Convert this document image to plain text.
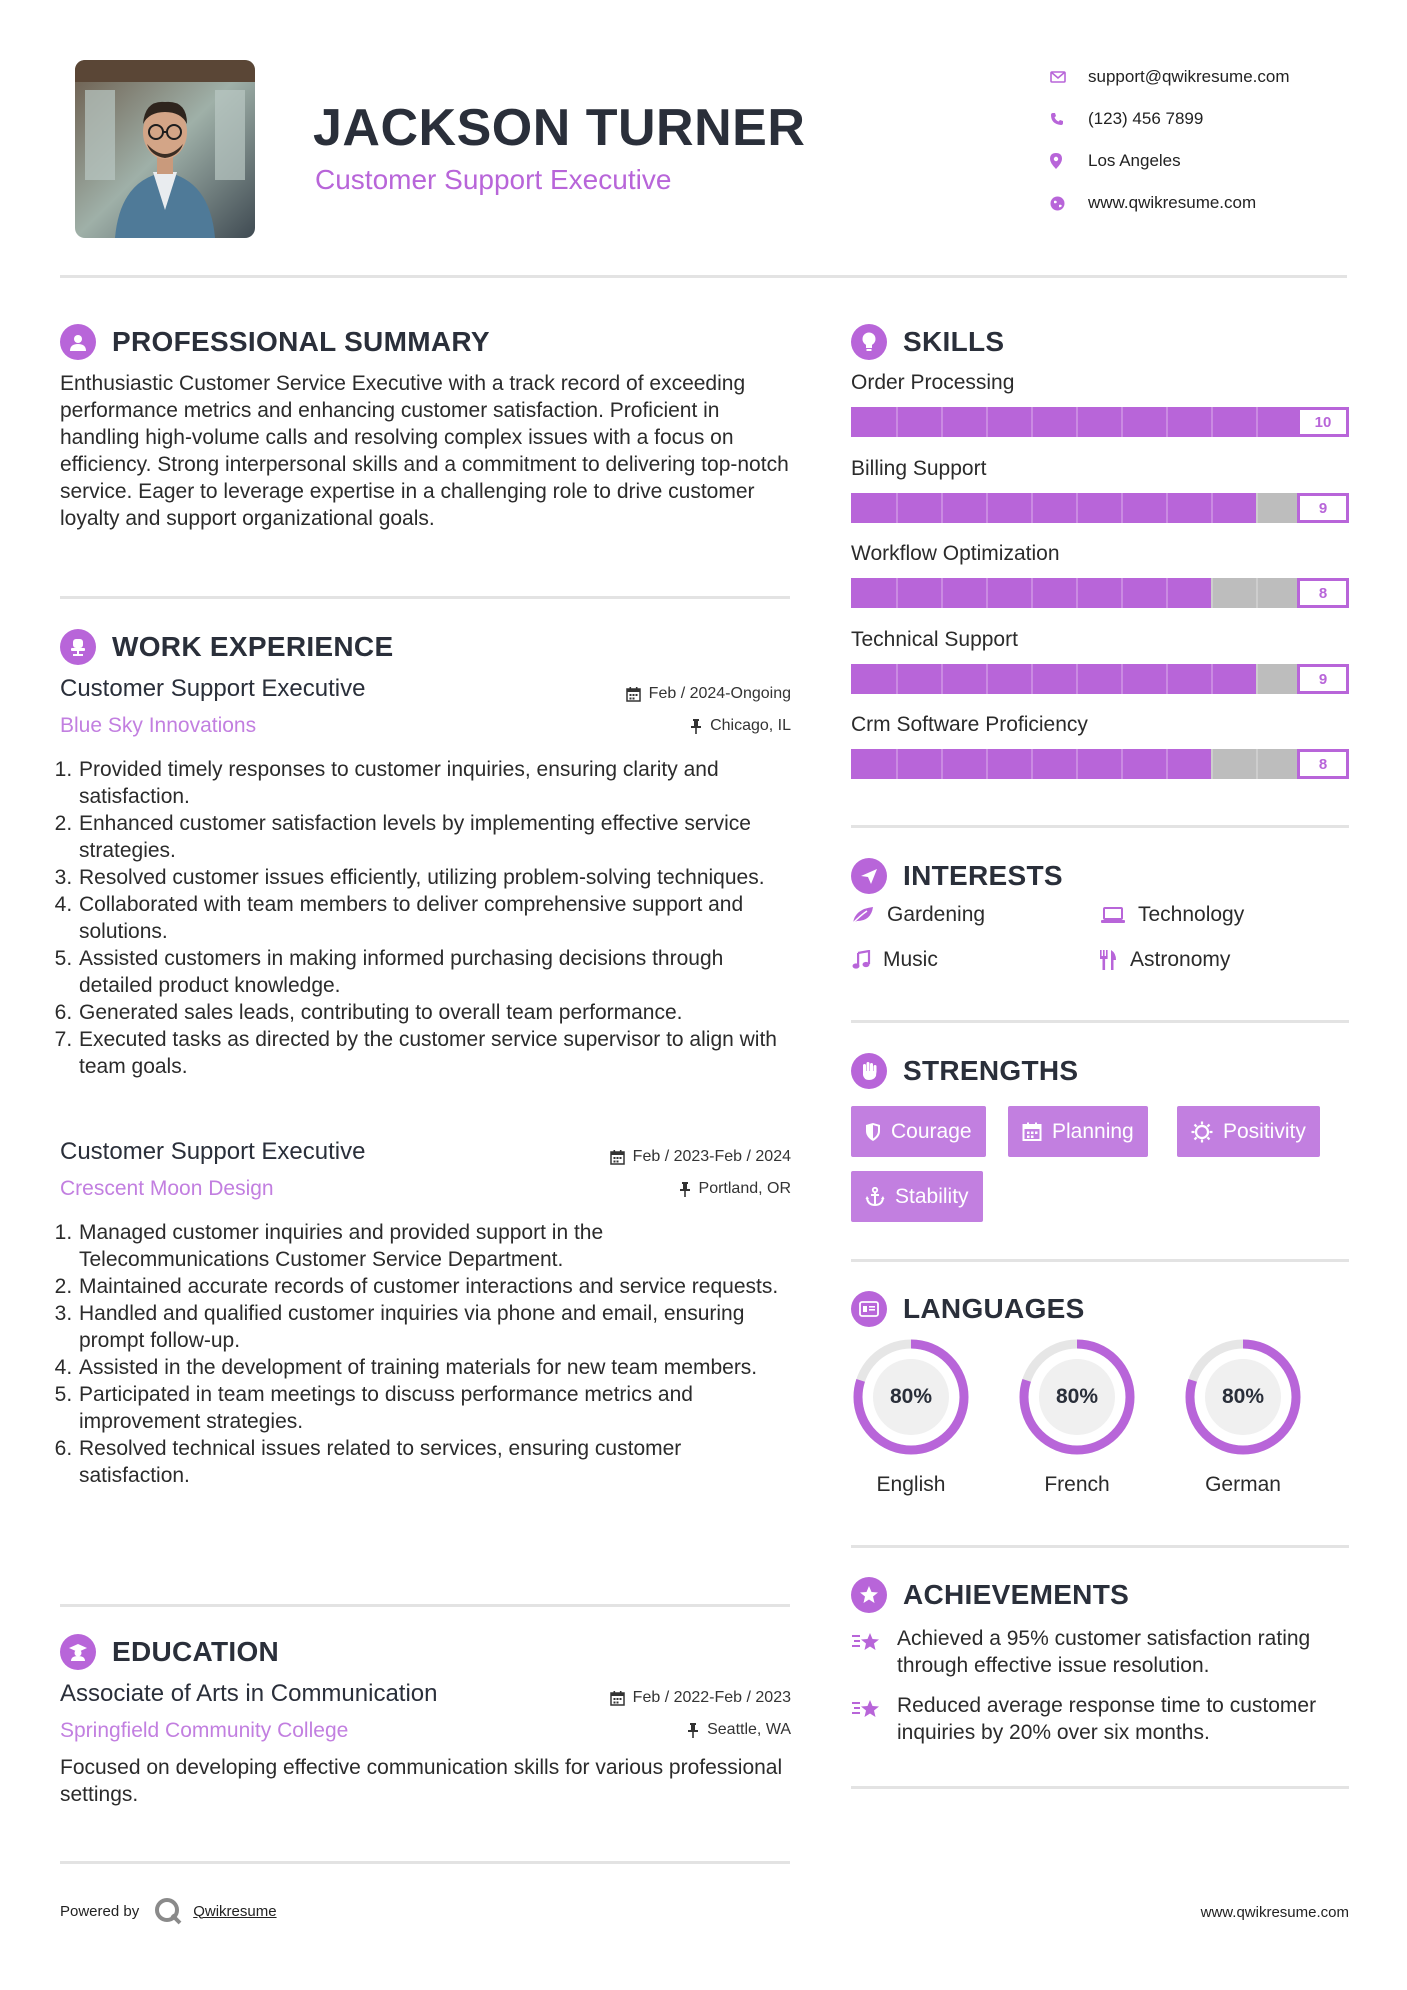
JACKSON TURNER
Customer Support Executive
support@qwikresume.com
(123) 456 7899
Los Angeles
www.qwikresume.com
PROFESSIONAL SUMMARY
Enthusiastic Customer Service Executive with a track record of exceeding performance metrics and enhancing customer satisfaction. Proficient in handling high-volume calls and resolving complex issues with a focus on efficiency. Strong interpersonal skills and a commitment to delivering top-notch service. Eager to leverage expertise in a challenging role to drive customer loyalty and support organizational goals.
WORK EXPERIENCE
Customer Support Executive	Feb / 2024-Ongoing
Blue Sky Innovations	Chicago, IL
1. Provided timely responses to customer inquiries, ensuring clarity and satisfaction.
2. Enhanced customer satisfaction levels by implementing effective service strategies.
3. Resolved customer issues efficiently, utilizing problem-solving techniques.
4. Collaborated with team members to deliver comprehensive support and solutions.
5. Assisted customers in making informed purchasing decisions through detailed product knowledge.
6. Generated sales leads, contributing to overall team performance.
7. Executed tasks as directed by the customer service supervisor to align with team goals.
Customer Support Executive	Feb / 2023-Feb / 2024
Crescent Moon Design	Portland, OR
1. Managed customer inquiries and provided support in the Telecommunications Customer Service Department.
2. Maintained accurate records of customer interactions and service requests.
3. Handled and qualified customer inquiries via phone and email, ensuring prompt follow-up.
4. Assisted in the development of training materials for new team members.
5. Participated in team meetings to discuss performance metrics and improvement strategies.
6. Resolved technical issues related to services, ensuring customer satisfaction.
EDUCATION
Associate of Arts in Communication	Feb / 2022-Feb / 2023
Springfield Community College	Seattle, WA
Focused on developing effective communication skills for various professional settings.
SKILLS
Order Processing
10
Billing Support
9
Workflow Optimization
8
Technical Support
9
Crm Software Proficiency
8
INTERESTS
Gardening	Technology
Music	Astronomy
STRENGTHS
Courage	Planning	Positivity
Stability
LANGUAGES
80%
English
80%
French
80%
German
ACHIEVEMENTS
Achieved a 95% customer satisfaction rating through effective issue resolution.
Reduced average response time to customer inquiries by 20% over six months.
Powered by	Qwikresume	www.qwikresume.com
